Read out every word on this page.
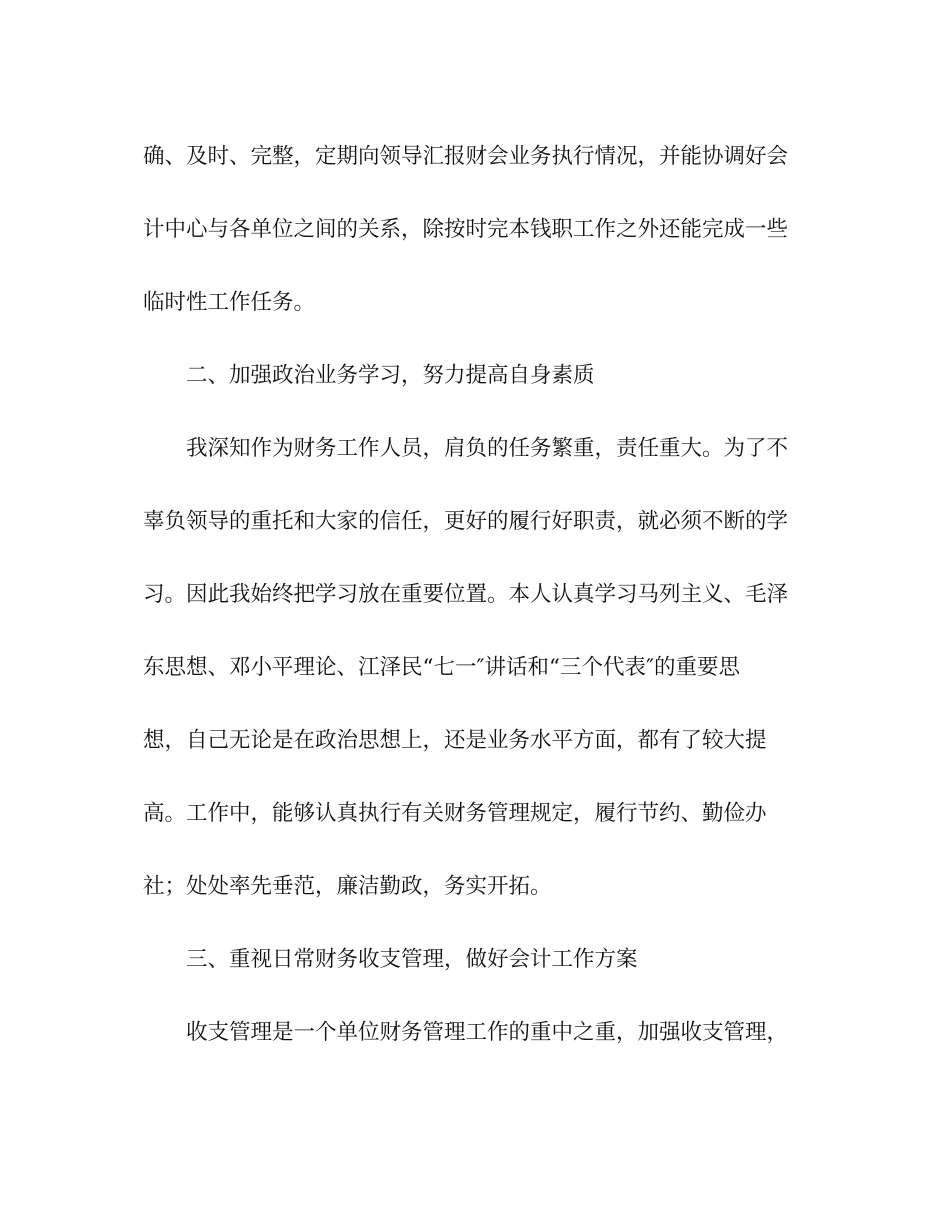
确、及时、完整，定期向领导汇报财会业务执行情况，并能协调好会

计中心与各单位之间的关系，除按时完本钱职工作之外还能完成一些

临时性工作任务。

二、加强政治业务学习，努力提高自身素质

我深知作为财务工作人员，肩负的任务繁重，责任重大。为了不

辜负领导的重托和大家的信任，更好的履行好职责，就必须不断的学

习。因此我始终把学习放在重要位置。本人认真学习马列主义、毛泽

东思想、邓小平理论、江泽民“七一″讲话和“三个代表″的重要思

想，自己无论是在政治思想上，还是业务水平方面，都有了较大提

高。工作中，能够认真执行有关财务管理规定，履行节约、勤俭办

社；处处率先垂范，廉洁勤政，务实开拓。

三、重视日常财务收支管理，做好会计工作方案

收支管理是一个单位财务管理工作的重中之重，加强收支管理，
